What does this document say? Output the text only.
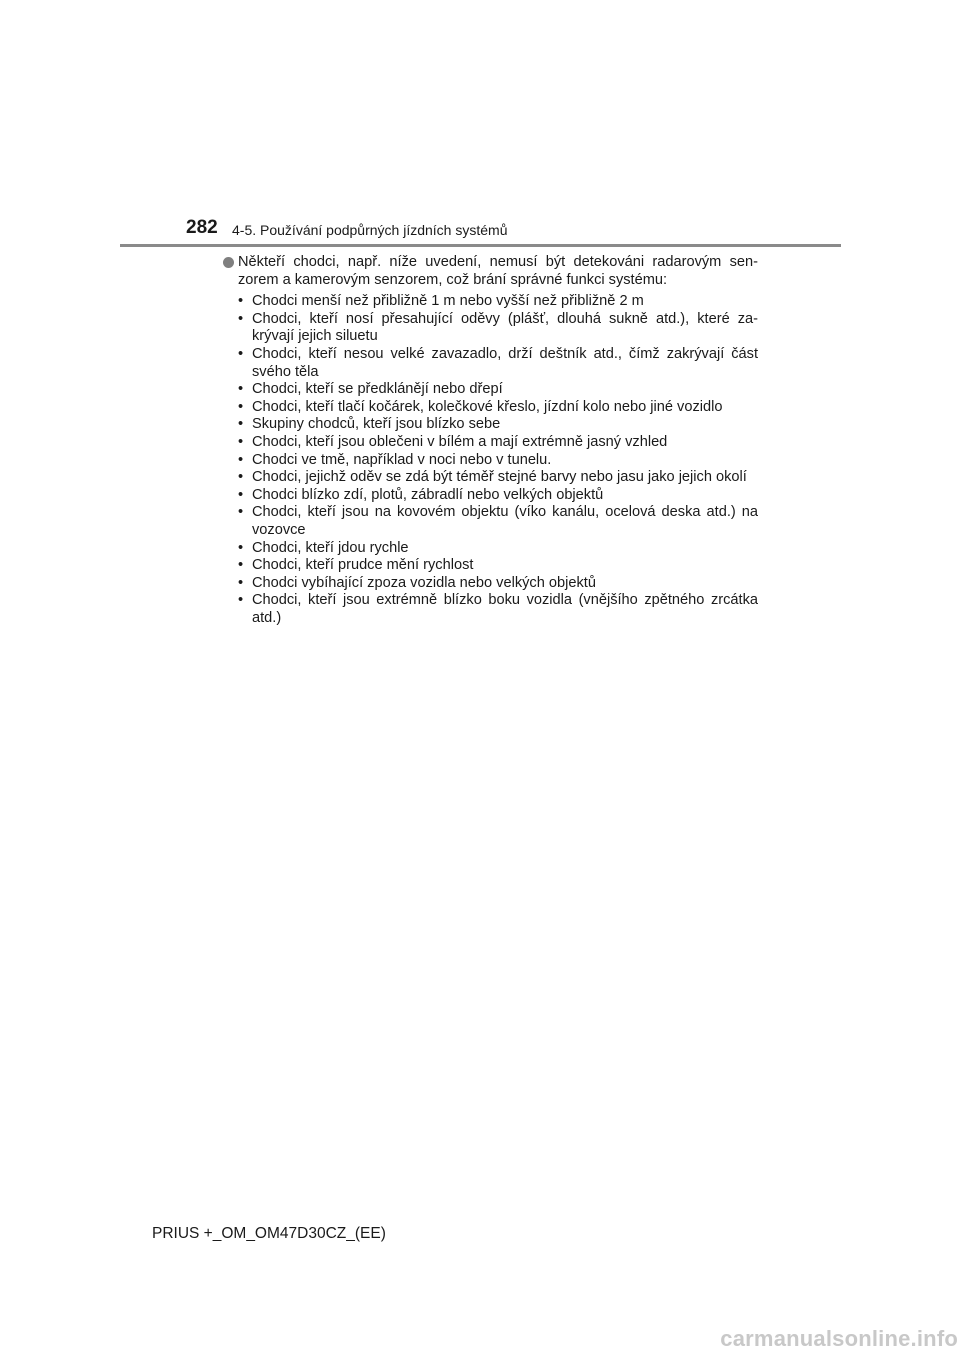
282 4-5. Používání podpůrných jízdních systémů

Někteří chodci, např. níže uvedení, nemusí být detekováni radarovým sen-zorem a kamerovým senzorem, což brání správné funkci systému:

• Chodci menší než přibližně 1 m nebo vyšší než přibližně 2 m
• Chodci, kteří nosí přesahující oděvy (plášť, dlouhá sukně atd.), které za-krývají jejich siluetu
• Chodci, kteří nesou velké zavazadlo, drží deštník atd., čímž zakrývají část svého těla
• Chodci, kteří se předklánějí nebo dřepí
• Chodci, kteří tlačí kočárek, kolečkové křeslo, jízdní kolo nebo jiné vozidlo
• Skupiny chodců, kteří jsou blízko sebe
• Chodci, kteří jsou oblečeni v bílém a mají extrémně jasný vzhled
• Chodci ve tmě, například v noci nebo v tunelu.
• Chodci, jejichž oděv se zdá být téměř stejné barvy nebo jasu jako jejich okolí
• Chodci blízko zdí, plotů, zábradlí nebo velkých objektů
• Chodci, kteří jsou na kovovém objektu (víko kanálu, ocelová deska atd.) na vozovce
• Chodci, kteří jdou rychle
• Chodci, kteří prudce mění rychlost
• Chodci vybíhající zpoza vozidla nebo velkých objektů
• Chodci, kteří jsou extrémně blízko boku vozidla (vnějšího zpětného zrcátka atd.)
PRIUS +_OM_OM47D30CZ_(EE)
carmanualsonline.info
